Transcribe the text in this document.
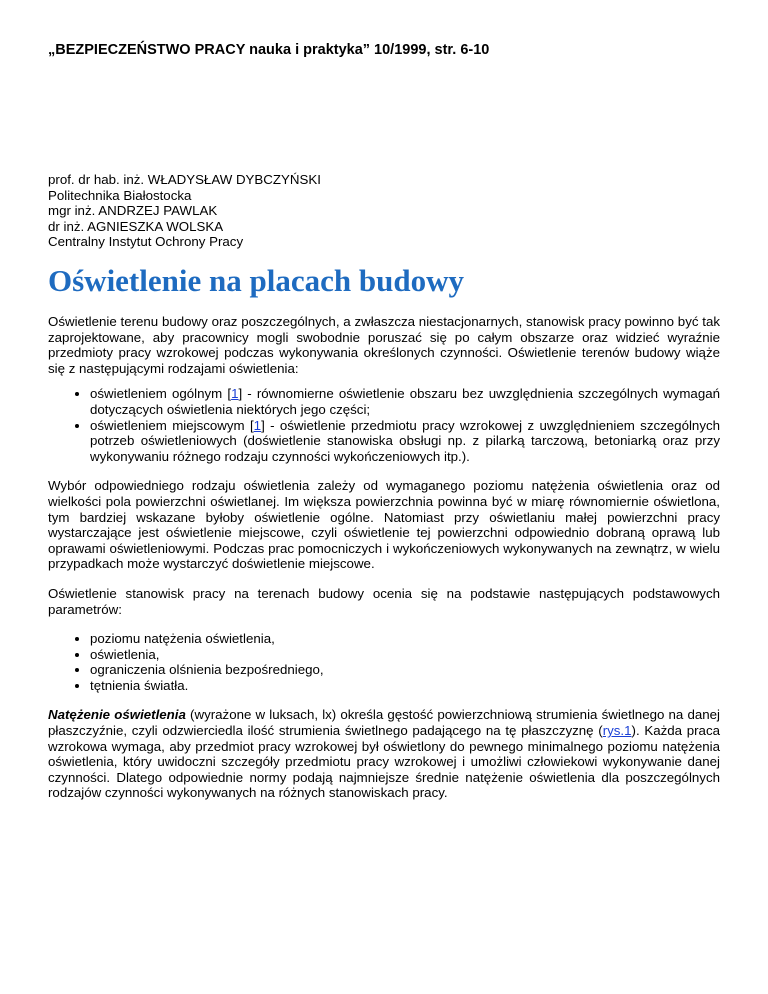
„BEZPIECZEŃSTWO PRACY nauka i praktyka” 10/1999, str. 6-10
prof. dr hab. inż. WŁADYSŁAW DYBCZYŃSKI
Politechnika Białostocka
mgr inż. ANDRZEJ PAWLAK
dr inż. AGNIESZKA WOLSKA
Centralny Instytut Ochrony Pracy
Oświetlenie na placach budowy

Oświetlenie terenu budowy oraz poszczególnych, a zwłaszcza niestacjonarnych, stanowisk pracy powinno być tak zaprojektowane, aby pracownicy mogli swobodnie poruszać się po całym obszarze oraz widzieć wyraźnie przedmioty pracy wzrokowej podczas wykonywania określonych czynności. Oświetlenie terenów budowy wiąże się z następującymi rodzajami oświetlenia:

• oświetleniem ogólnym [1] - równomierne oświetlenie obszaru bez uwzględnienia szczególnych wymagań dotyczących oświetlenia niektórych jego części;
• oświetleniem miejscowym [1] - oświetlenie przedmiotu pracy wzrokowej z uwzględnieniem szczególnych potrzeb oświetleniowych (doświetlenie stanowiska obsługi np. z pilarką tarczową, betoniarką oraz przy wykonywaniu różnego rodzaju czynności wykończeniowych itp.).

Wybór odpowiedniego rodzaju oświetlenia zależy od wymaganego poziomu natężenia oświetlenia oraz od wielkości pola powierzchni oświetlanej. Im większa powierzchnia powinna być w miarę równomiernie oświetlona, tym bardziej wskazane byłoby oświetlenie ogólne. Natomiast przy oświetlaniu małej powierzchni pracy wystarczające jest oświetlenie miejscowe, czyli oświetlenie tej powierzchni odpowiednio dobraną oprawą lub oprawami oświetleniowymi. Podczas prac pomocniczych i wykończeniowych wykonywanych na zewnątrz, w wielu przypadkach może wystarczyć doświetlenie miejscowe.

Oświetlenie stanowisk pracy na terenach budowy ocenia się na podstawie następujących podstawowych parametrów:

• poziomu natężenia oświetlenia,
• oświetlenia,
• ograniczenia olśnienia bezpośredniego,
• tętnienia światła.

Natężenie oświetlenia (wyrażone w luksach, lx) określa gęstość powierzchniową strumienia świetlnego na danej płaszczyźnie, czyli odzwierciedla ilość strumienia świetlnego padającego na tę płaszczyznę (rys.1). Każda praca wzrokowa wymaga, aby przedmiot pracy wzrokowej był oświetlony do pewnego minimalnego poziomu natężenia oświetlenia, który uwidoczni szczegóły przedmiotu pracy wzrokowej i umożliwi człowiekowi wykonywanie danej czynności. Dlatego odpowiednie normy podają najmniejsze średnie natężenie oświetlenia dla poszczególnych rodzajów czynności wykonywanych na różnych stanowiskach pracy.
